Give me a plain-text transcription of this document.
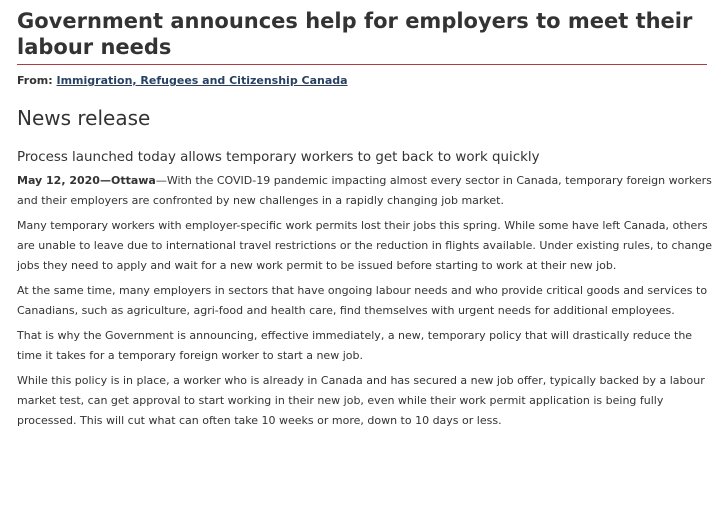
Government announces help for employers to meet their labour needs
From: Immigration, Refugees and Citizenship Canada
News release
Process launched today allows temporary workers to get back to work quickly

May 12, 2020—Ottawa—With the COVID-19 pandemic impacting almost every sector in Canada, temporary foreign workers and their employers are confronted by new challenges in a rapidly changing job market.

Many temporary workers with employer-specific work permits lost their jobs this spring. While some have left Canada, others are unable to leave due to international travel restrictions or the reduction in flights available. Under existing rules, to change jobs they need to apply and wait for a new work permit to be issued before starting to work at their new job.

At the same time, many employers in sectors that have ongoing labour needs and who provide critical goods and services to Canadians, such as agriculture, agri-food and health care, find themselves with urgent needs for additional employees.

That is why the Government is announcing, effective immediately, a new, temporary policy that will drastically reduce the time it takes for a temporary foreign worker to start a new job.

While this policy is in place, a worker who is already in Canada and has secured a new job offer, typically backed by a labour market test, can get approval to start working in their new job, even while their work permit application is being fully processed. This will cut what can often take 10 weeks or more, down to 10 days or less.
